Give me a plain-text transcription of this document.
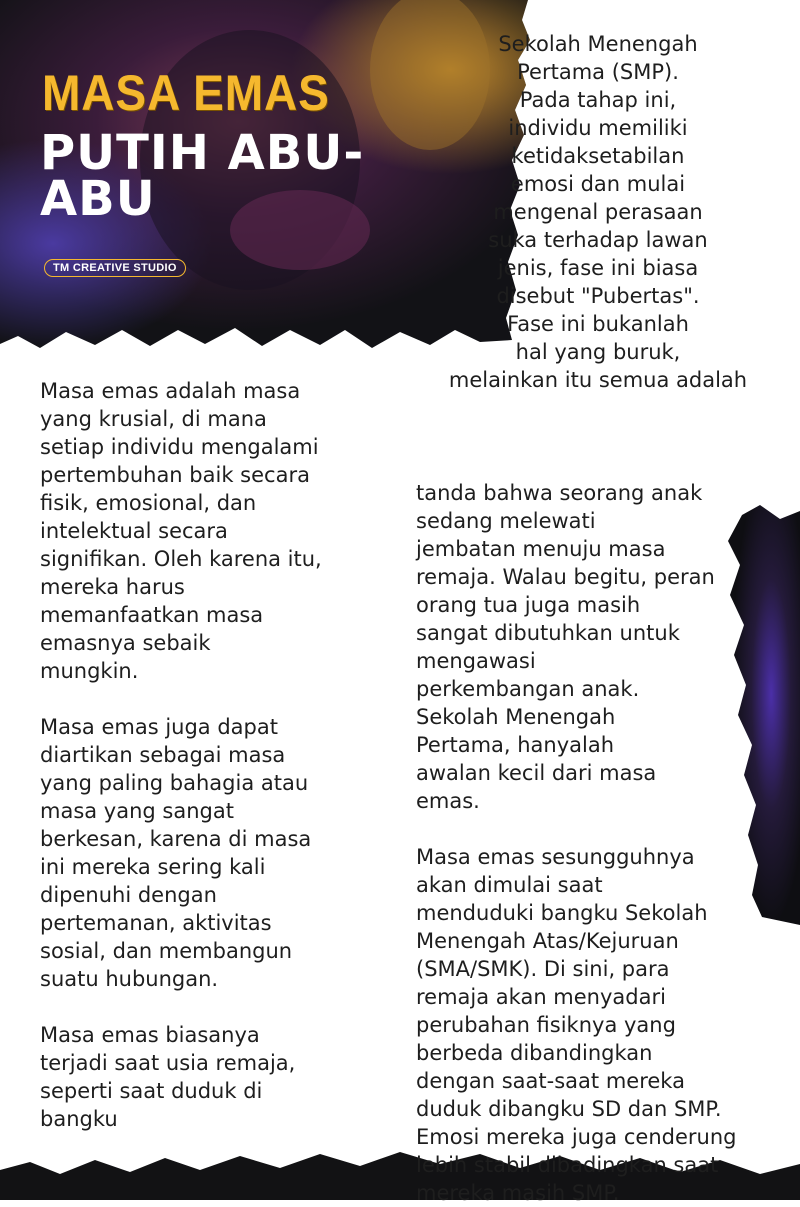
MASA EMAS
PUTIH ABU-ABU
TM CREATIVE STUDIO

Masa emas adalah masa
yang krusial, di mana
setiap individu mengalami
pertembuhan baik secara
fisik, emosional, dan
intelektual secara
signifikan. Oleh karena itu,
mereka harus
memanfaatkan masa
emasnya sebaik
mungkin.

Masa emas juga dapat
diartikan sebagai masa
yang paling bahagia atau
masa yang sangat
berkesan, karena di masa
ini mereka sering kali
dipenuhi dengan
pertemanan, aktivitas
sosial, dan membangun
suatu hubungan.

Masa emas biasanya
terjadi saat usia remaja,
seperti saat duduk di
bangku

Sekolah Menengah
Pertama (SMP).
Pada tahap ini,
individu memiliki
ketidaksetabilan
emosi dan mulai
mengenal perasaan
suka terhadap lawan
jenis, fase ini biasa
disebut "Pubertas".
Fase ini bukanlah
hal yang buruk,
melainkan itu semua adalah

tanda bahwa seorang anak
sedang melewati
jembatan menuju masa
remaja. Walau begitu, peran
orang tua juga masih
sangat dibutuhkan untuk
mengawasi
perkembangan anak.
Sekolah Menengah
Pertama, hanyalah
awalan kecil dari masa
emas.

Masa emas sesungguhnya
akan dimulai saat
menduduki bangku Sekolah
Menengah Atas/Kejuruan
(SMA/SMK). Di sini, para
remaja akan menyadari
perubahan fisiknya yang
berbeda dibandingkan
dengan saat-saat mereka
duduk dibangku SD dan SMP.
Emosi mereka juga cenderung
lebih stabil dibadingkan saat
mereka masih SMP.
